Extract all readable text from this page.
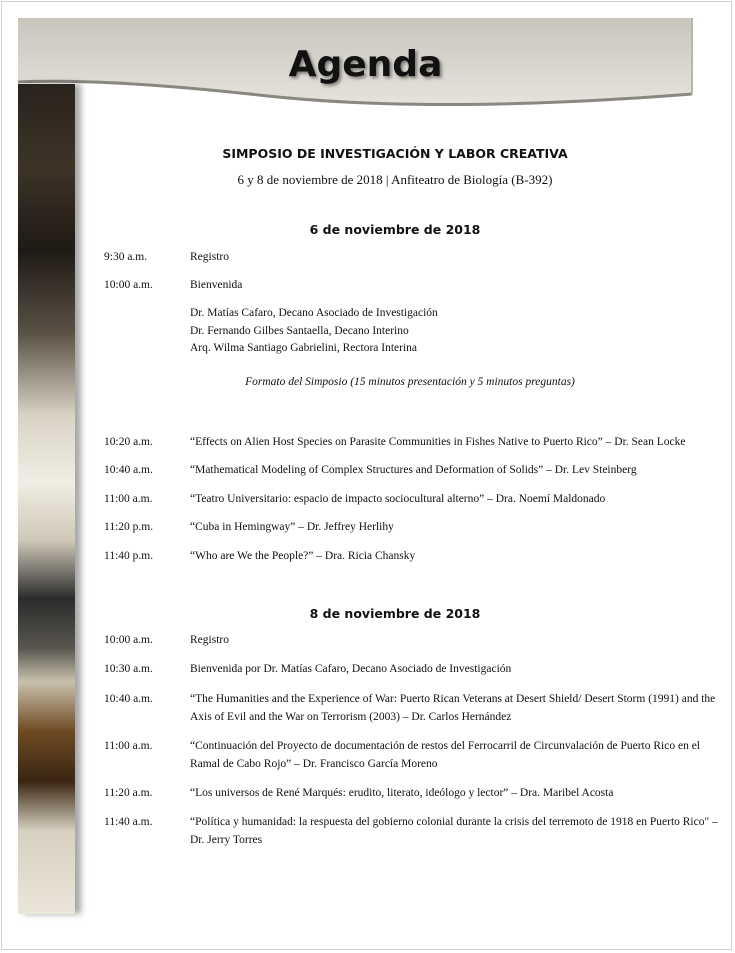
Agenda
SIMPOSIO DE INVESTIGACIÓN Y LABOR CREATIVA
6 y 8 de noviembre de 2018 | Anfiteatro de Biología (B-392)
6 de noviembre de 2018
9:30 a.m.	Registro
10:00 a.m.	Bienvenida
Dr. Matías Cafaro, Decano Asociado de Investigación
Dr. Fernando Gilbes Santaella, Decano Interino
Arq. Wilma Santiago Gabrielini, Rectora Interina
Formato del Simposio (15 minutos presentación y 5 minutos preguntas)
10:20 a.m.	“Effects on Alien Host Species on Parasite Communities in Fishes Native to Puerto Rico” – Dr. Sean Locke
10:40 a.m.	“Mathematical Modeling of Complex Structures and Deformation of Solids” – Dr. Lev Steinberg
11:00 a.m.	“Teatro Universitario: espacio de impacto sociocultural alterno” – Dra. Noemí Maldonado
11:20 p.m.	“Cuba in Hemingway” – Dr. Jeffrey Herlihy
11:40 p.m.	“Who are We the People?” – Dra. Ricia Chansky
8 de noviembre de 2018
10:00 a.m.	Registro
10:30 a.m.	Bienvenida por Dr. Matías Cafaro, Decano Asociado de Investigación
10:40 a.m.	“The Humanities and the Experience of War: Puerto Rican Veterans at Desert Shield/ Desert Storm (1991) and the Axis of Evil and the War on Terrorism (2003) – Dr. Carlos Hernández
11:00 a.m.	“Continuación del Proyecto de documentación de restos del Ferrocarril de Circunvalación de Puerto Rico en el Ramal de Cabo Rojo” – Dr. Francisco García Moreno
11:20 a.m.	“Los universos de René Marqués: erudito, literato, ideólogo y lector” – Dra. Maribel Acosta
11:40 a.m.	“Política y humanidad: la respuesta del gobierno colonial durante la crisis del terremoto de 1918 en Puerto Rico" – Dr. Jerry Torres
